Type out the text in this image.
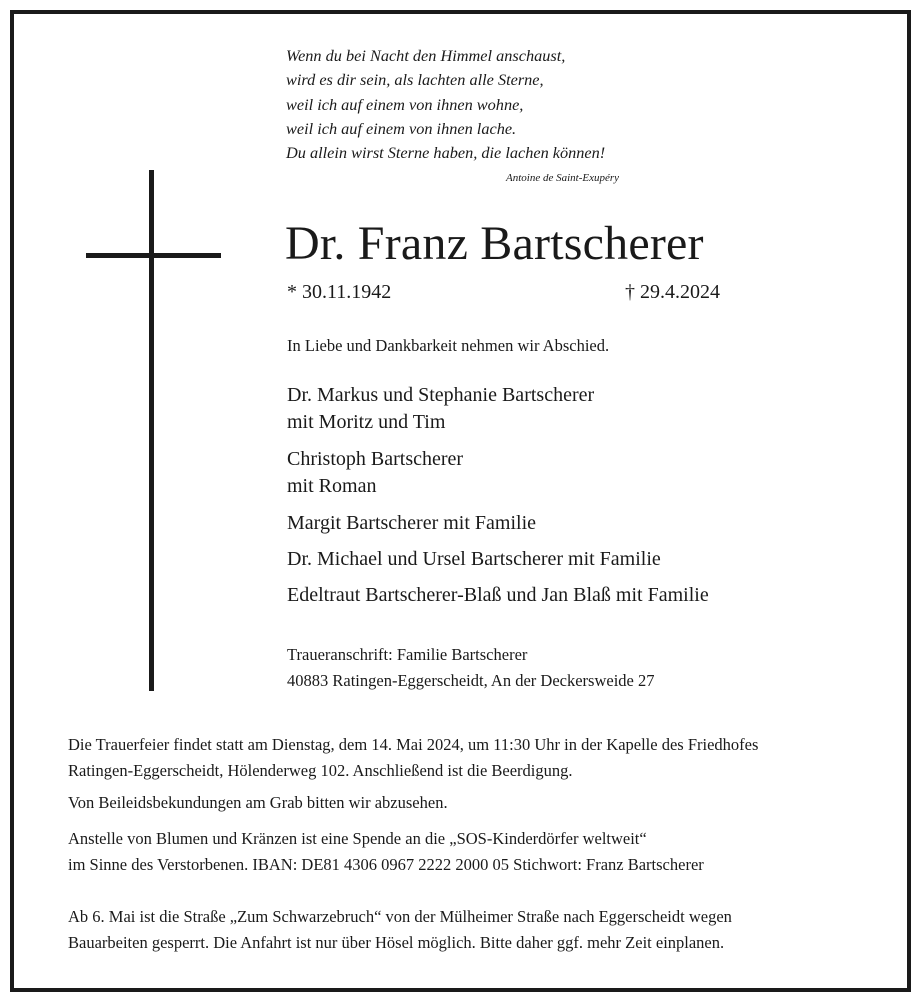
Wenn du bei Nacht den Himmel anschaust,
wird es dir sein, als lachten alle Sterne,
weil ich auf einem von ihnen wohne,
weil ich auf einem von ihnen lache.
Du allein wirst Sterne haben, die lachen können!
Antoine de Saint-Exupéry
Dr. Franz Bartscherer
* 30.11.1942	† 29.4.2024
In Liebe und Dankbarkeit nehmen wir Abschied.
Dr. Markus und Stephanie Bartscherer
mit Moritz und Tim
Christoph Bartscherer
mit Roman
Margit Bartscherer mit Familie
Dr. Michael und Ursel Bartscherer mit Familie
Edeltraut Bartscherer-Blaß und Jan Blaß mit Familie
Traueranschrift: Familie Bartscherer
40883 Ratingen-Eggerscheidt, An der Deckersweide 27
Die Trauerfeier findet statt am Dienstag, dem 14. Mai 2024, um 11:30 Uhr in der Kapelle des Friedhofes
Ratingen-Eggerscheidt, Hölenderweg 102. Anschließend ist die Beerdigung.
Von Beileidsbekundungen am Grab bitten wir abzusehen.
Anstelle von Blumen und Kränzen ist eine Spende an die „SOS-Kinderdörfer weltweit“
im Sinne des Verstorbenen. IBAN: DE81 4306 0967 2222 2000 05 Stichwort: Franz Bartscherer
Ab 6. Mai ist die Straße „Zum Schwarzebruch“ von der Mülheimer Straße nach Eggerscheidt wegen
Bauarbeiten gesperrt. Die Anfahrt ist nur über Hösel möglich. Bitte daher ggf. mehr Zeit einplanen.
